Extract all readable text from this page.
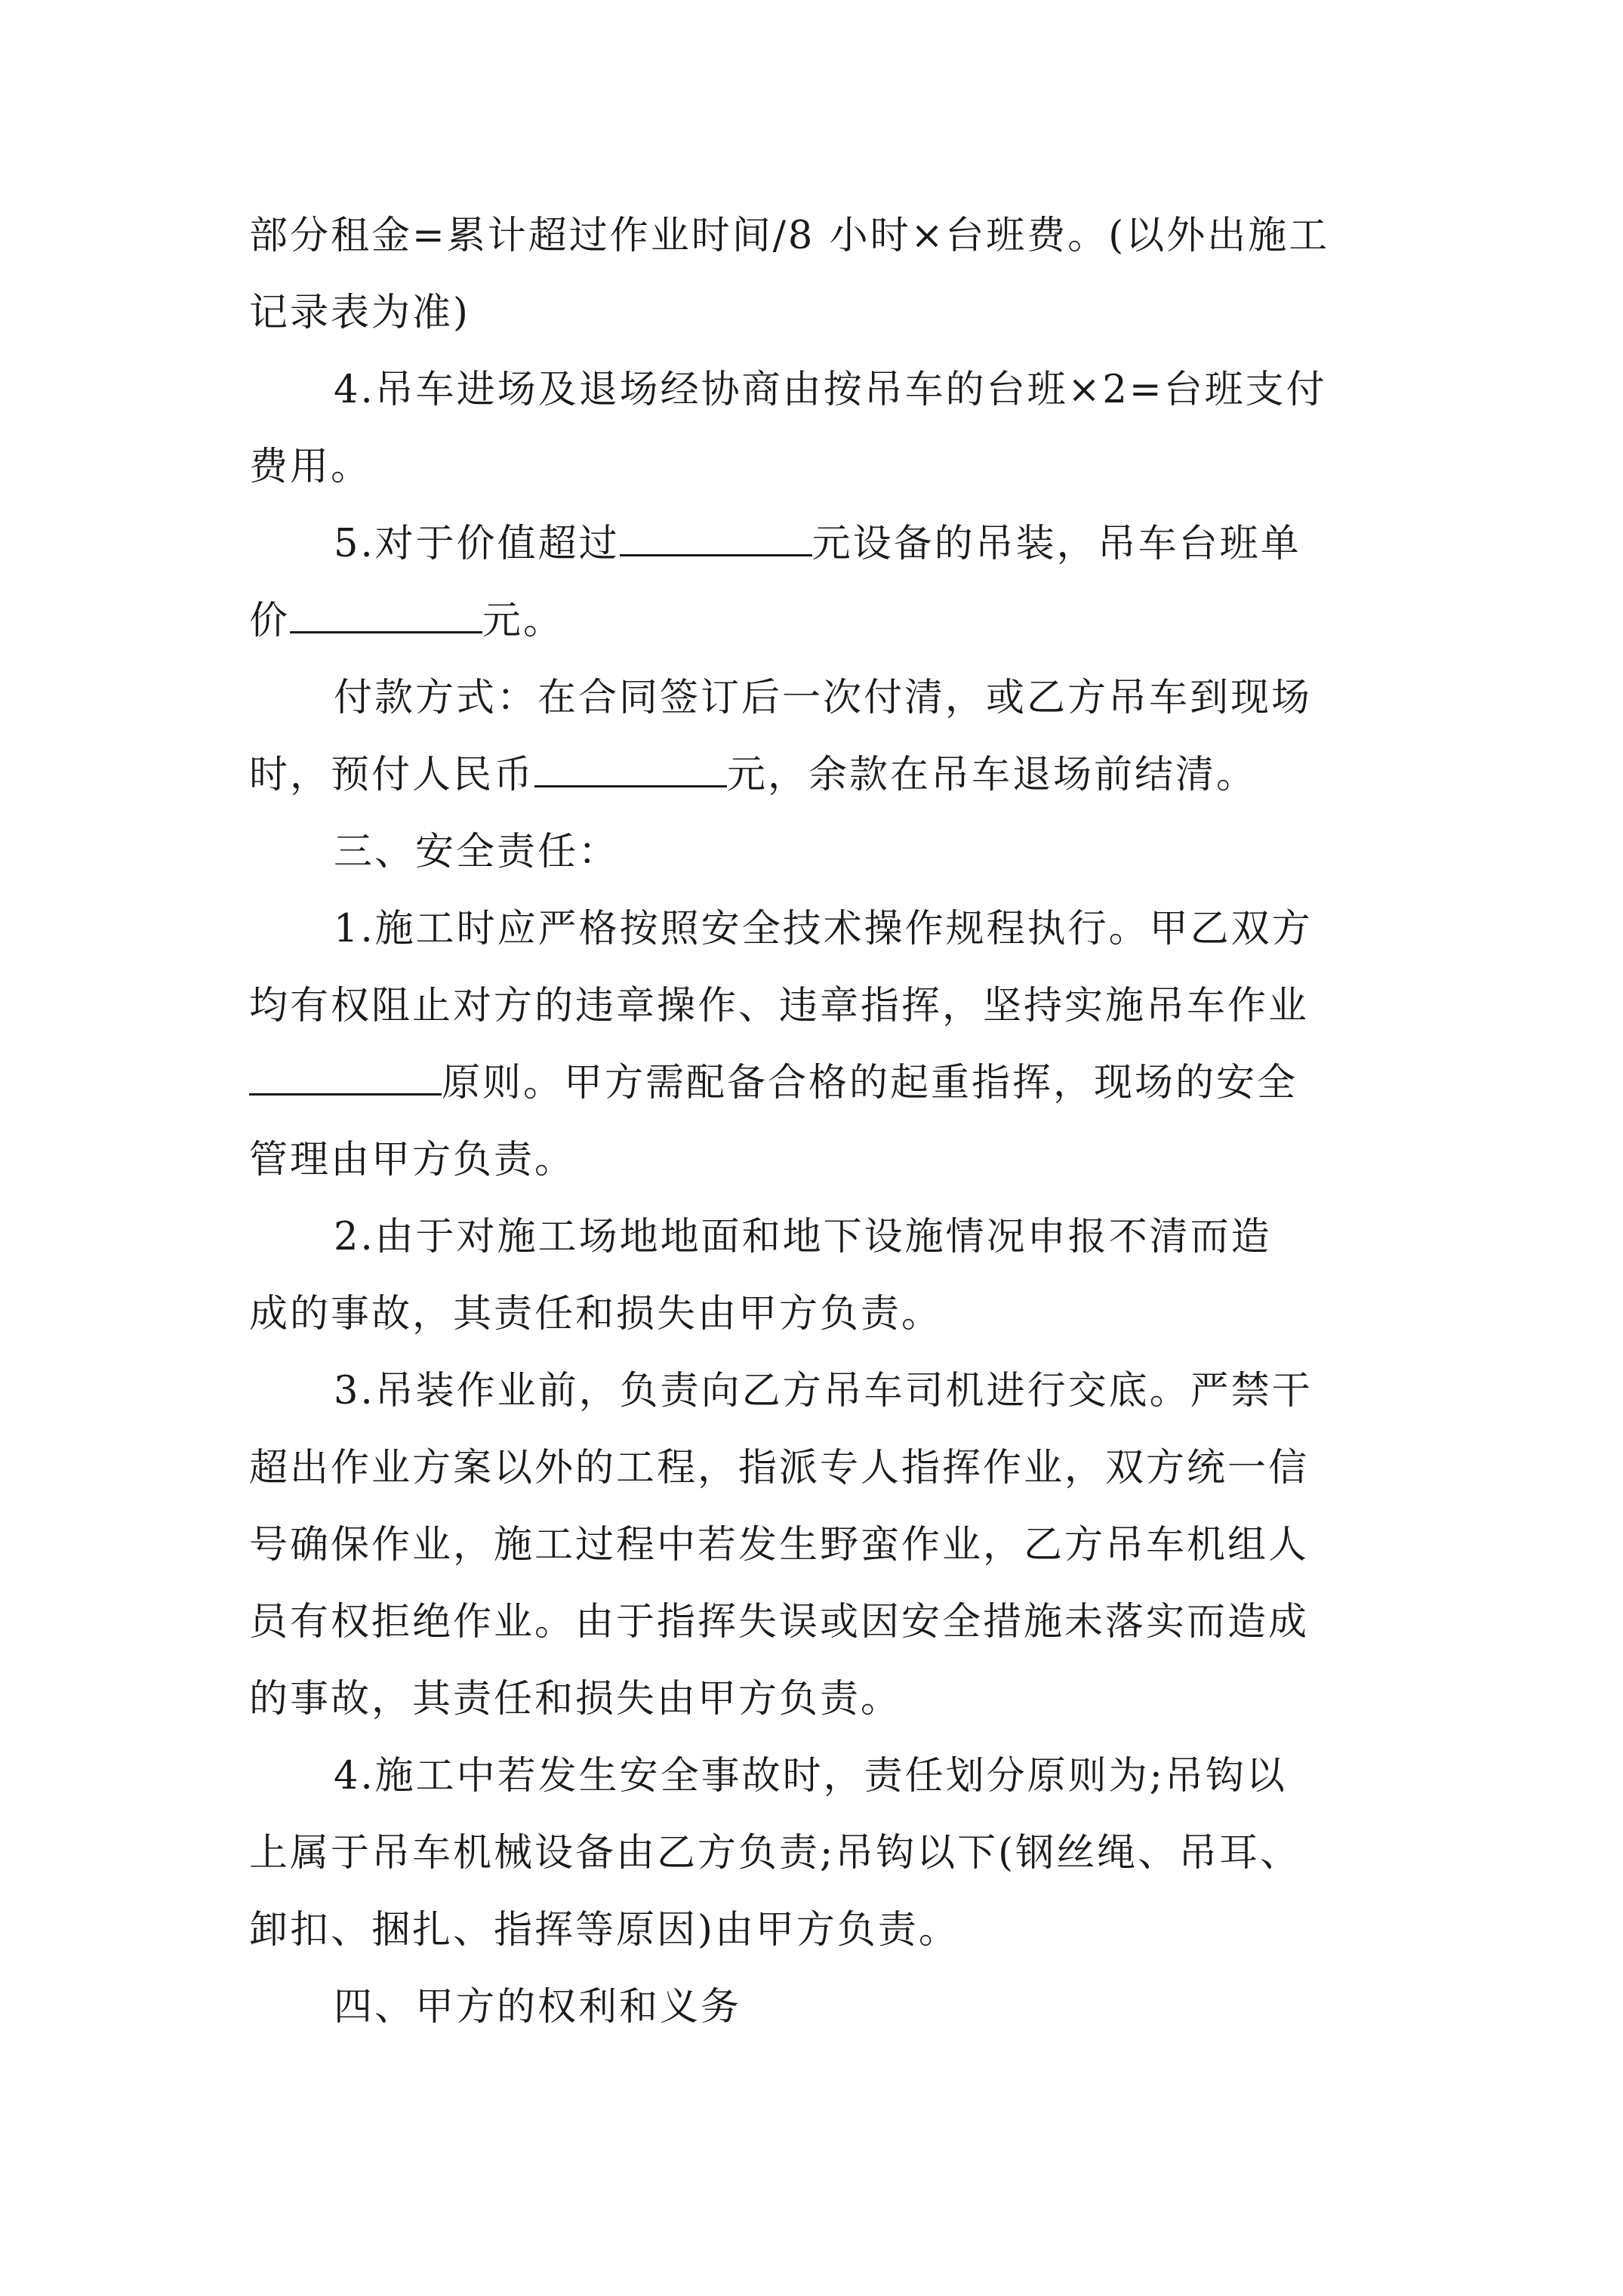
部分租金=累计超过作业时间/8 小时×台班费。(以外出施工
记录表为准)
4.吊车进场及退场经协商由按吊车的台班×2=台班支付
费用。
5.对于价值超过	元设备的吊装，吊车台班单
价	元。
付款方式：在合同签订后一次付清，或乙方吊车到现场
时，预付人民币	元，余款在吊车退场前结清。
三、安全责任：
1.施工时应严格按照安全技术操作规程执行。甲乙双方
均有权阻止对方的违章操作、违章指挥，坚持实施吊车作业
原则。甲方需配备合格的起重指挥，现场的安全
管理由甲方负责。
2.由于对施工场地地面和地下设施情况申报不清而造
成的事故，其责任和损失由甲方负责。
3.吊装作业前，负责向乙方吊车司机进行交底。严禁干
超出作业方案以外的工程，指派专人指挥作业，双方统一信
号确保作业，施工过程中若发生野蛮作业，乙方吊车机组人
员有权拒绝作业。由于指挥失误或因安全措施未落实而造成
的事故，其责任和损失由甲方负责。
4.施工中若发生安全事故时，责任划分原则为;吊钩以
上属于吊车机械设备由乙方负责;吊钩以下(钢丝绳、吊耳、
卸扣、捆扎、指挥等原因)由甲方负责。
四、甲方的权利和义务
